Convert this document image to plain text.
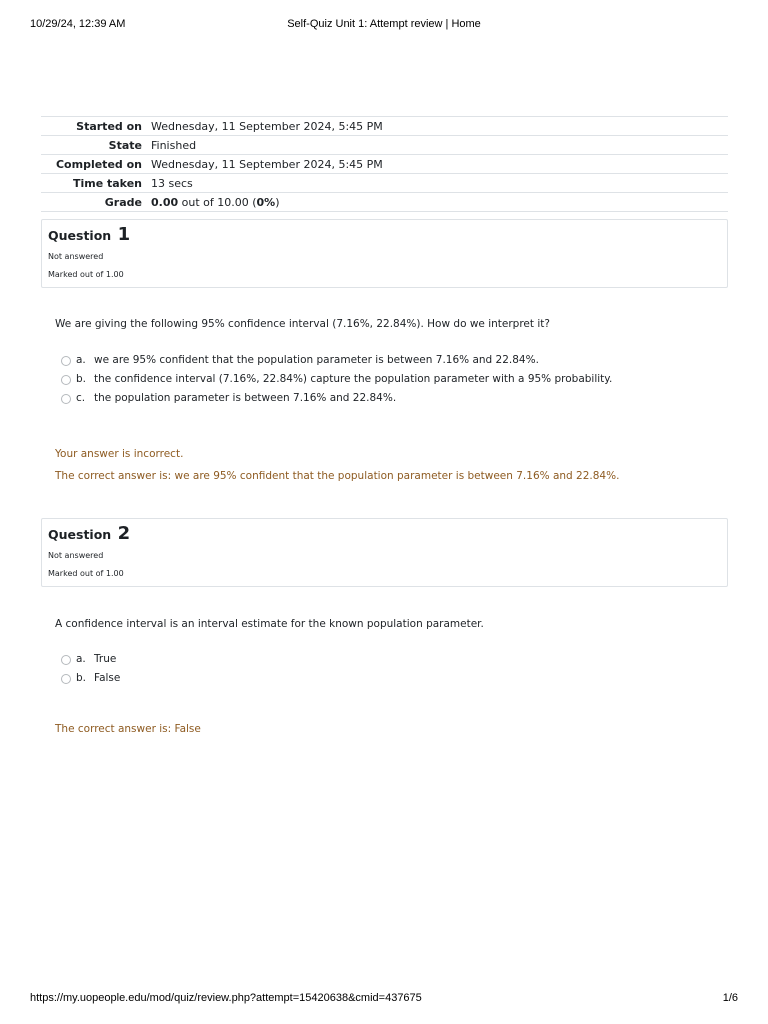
10/29/24, 12:39 AM	Self-Quiz Unit 1: Attempt review | Home
Started on	Wednesday, 11 September 2024, 5:45 PM
State	Finished
Completed on	Wednesday, 11 September 2024, 5:45 PM
Time taken	13 secs
Grade	0.00 out of 10.00 (0%)
Question 1
Not answered
Marked out of 1.00
We are giving the following 95% confidence interval (7.16%, 22.84%). How do we interpret it?
a. we are 95% confident that the population parameter is between 7.16% and 22.84%.
b. the confidence interval (7.16%, 22.84%) capture the population parameter with a 95% probability.
c. the population parameter is between 7.16% and 22.84%.
Your answer is incorrect.
The correct answer is: we are 95% confident that the population parameter is between 7.16% and 22.84%.
Question 2
Not answered
Marked out of 1.00
A confidence interval is an interval estimate for the known population parameter.
a. True
b. False
The correct answer is: False
https://my.uopeople.edu/mod/quiz/review.php?attempt=15420638&cmid=437675	1/6
